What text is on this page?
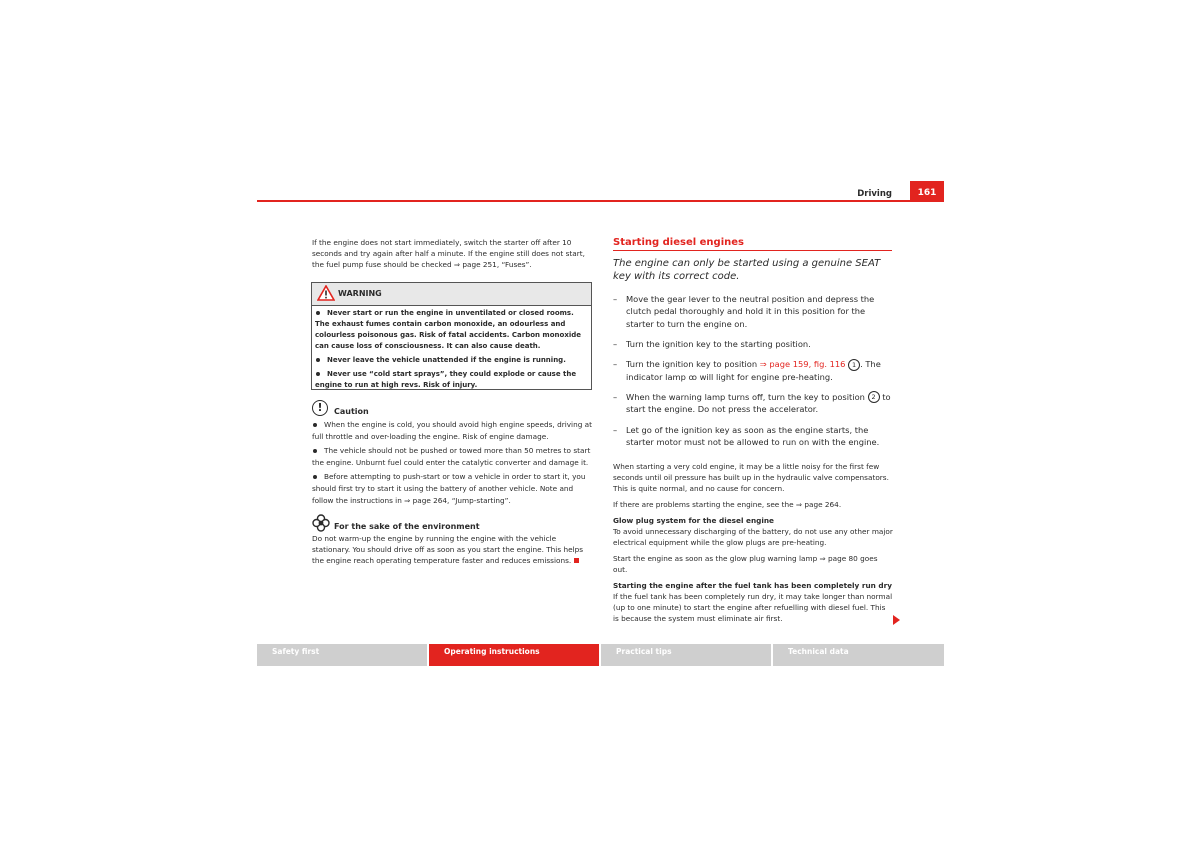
Driving	161

If the engine does not start immediately, switch the starter off after 10 seconds and try again after half a minute. If the engine still does not start, the fuel pump fuse should be checked ⇒ page 251, “Fuses”.

WARNING

Never start or run the engine in unventilated or closed rooms. The exhaust fumes contain carbon monoxide, an odourless and colourless poisonous gas. Risk of fatal accidents. Carbon monoxide can cause loss of consciousness. It can also cause death.

Never leave the vehicle unattended if the engine is running.

Never use “cold start sprays”, they could explode or cause the engine to run at high revs. Risk of injury.

!	Caution

When the engine is cold, you should avoid high engine speeds, driving at full throttle and over-loading the engine. Risk of engine damage.

The vehicle should not be pushed or towed more than 50 metres to start the engine. Unburnt fuel could enter the catalytic converter and damage it.

Before attempting to push-start or tow a vehicle in order to start it, you should first try to start it using the battery of another vehicle. Note and follow the instructions in ⇒ page 264, “Jump-starting”.

For the sake of the environment

Do not warm-up the engine by running the engine with the vehicle stationary. You should drive off as soon as you start the engine. This helps the engine reach operating temperature faster and reduces emissions.

Starting diesel engines

The engine can only be started using a genuine SEAT key with its correct code.

– Move the gear lever to the neutral position and depress the clutch pedal thoroughly and hold it in this position for the starter to turn the engine on.

– Turn the ignition key to the starting position.

– Turn the ignition key to position ⇒ page 159, fig. 116 1 . The indicator lamp ꝏ will light for engine pre-heating.

– When the warning lamp turns off, turn the key to position 2 to start the engine. Do not press the accelerator.

– Let go of the ignition key as soon as the engine starts, the starter motor must not be allowed to run on with the engine.

When starting a very cold engine, it may be a little noisy for the first few seconds until oil pressure has built up in the hydraulic valve compensators. This is quite normal, and no cause for concern.

If there are problems starting the engine, see the ⇒ page 264.

Glow plug system for the diesel engine

To avoid unnecessary discharging of the battery, do not use any other major electrical equipment while the glow plugs are pre-heating.

Start the engine as soon as the glow plug warning lamp ⇒ page 80 goes out.

Starting the engine after the fuel tank has been completely run dry

If the fuel tank has been completely run dry, it may take longer than normal (up to one minute) to start the engine after refuelling with diesel fuel. This is because the system must eliminate air first.

Safety first	Operating instructions	Practical tips	Technical data
